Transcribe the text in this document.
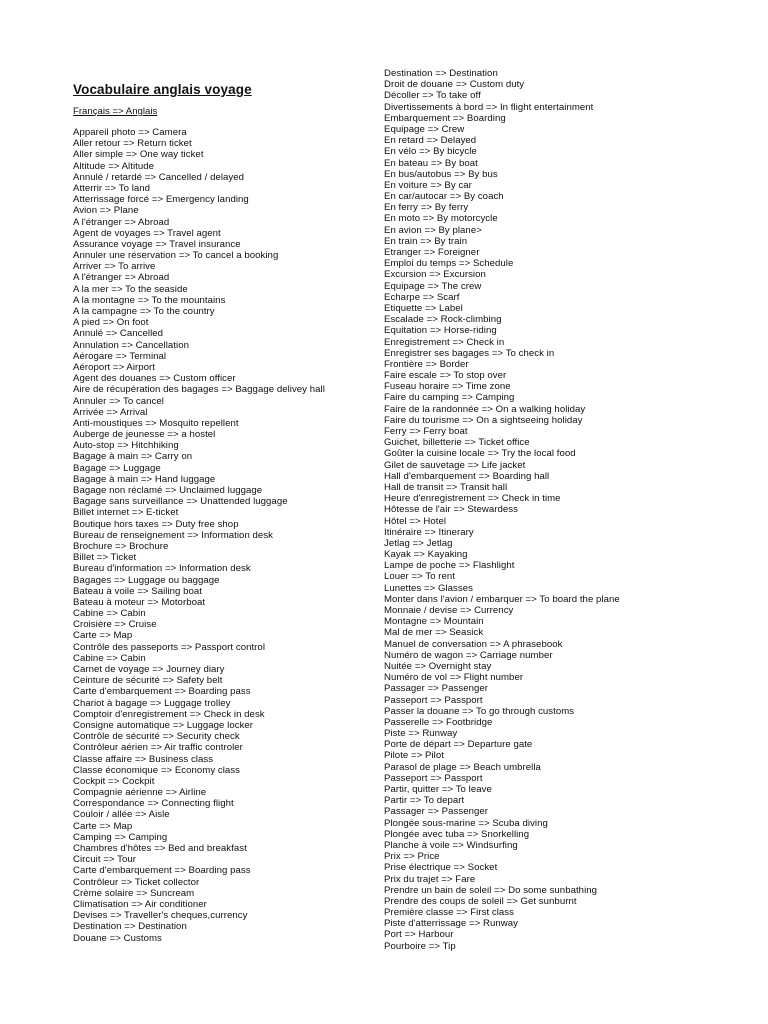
Vocabulaire anglais voyage
Français => Anglais
Appareil photo => Camera
Aller retour => Return ticket
Aller simple => One way ticket
Altitude => Altitude
Annulé / retardé => Cancelled / delayed
Atterrir => To land
Atterrissage forcé => Emergency landing
Avion => Plane
A l'étranger => Abroad
Agent de voyages => Travel agent
Assurance voyage => Travel insurance
Annuler une réservation => To cancel a booking
Arriver => To arrive
A l'étranger => Abroad
A la mer => To the seaside
A la montagne => To the mountains
A la campagne => To the country
A pied => On foot
Annulé => Cancelled
Annulation => Cancellation
Aérogare => Terminal
Aéroport => Airport
Agent des douanes => Custom officer
Aire de récupération des bagages => Baggage delivey hall
Annuler => To cancel
Arrivée => Arrival
Anti-moustiques => Mosquito repellent
Auberge de jeunesse => a hostel
Auto-stop => Hitchhiking
Bagage à main => Carry on
Bagage => Luggage
Bagage à main => Hand luggage
Bagage non réclamé => Unclaimed luggage
Bagage sans surveillance => Unattended luggage
Billet internet => E-ticket
Boutique hors taxes => Duty free shop
Bureau de renseignement => Information desk
Brochure => Brochure
Billet => Ticket
Bureau d'information => Information desk
Bagages => Luggage ou baggage
Bateau à voile => Sailing boat
Bateau à moteur => Motorboat
Cabine => Cabin
Croisière => Cruise
Carte => Map
Contrôle des passeports => Passport control
Cabine => Cabin
Carnet de voyage => Journey diary
Ceinture de sécurité => Safety belt
Carte d'embarquement => Boarding pass
Chariot à bagage => Luggage trolley
Comptoir d'enregistrement => Check in desk
Consigne automatique => Luggage locker
Contrôle de sécurité => Security check
Contrôleur aérien => Air traffic controler
Classe affaire => Business class
Classe économique => Economy class
Cockpit => Cockpit
Compagnie aérienne => Airline
Correspondance => Connecting flight
Couloir / allée => Aisle
Carte => Map
Camping => Camping
Chambres d'hôtes => Bed and breakfast
Circuit => Tour
Carte d'embarquement => Boarding pass
Contrôleur => Ticket collector
Crème solaire => Suncream
Climatisation => Air conditioner
Devises => Traveller's cheques,currency
Destination => Destination
Douane => Customs
Destination => Destination
Droit de douane => Custom duty
Décoller => To take off
Divertissements à bord => In flight entertainment
Embarquement => Boarding
Equipage => Crew
En retard => Delayed
En vélo => By bicycle
En bateau => By boat
En bus/autobus => By bus
En voiture => By car
En car/autocar => By coach
En ferry => By ferry
En moto => By motorcycle
En avion => By plane>
En train => By train
Etranger => Foreigner
Emploi du temps => Schedule
Excursion => Excursion
Equipage => The crew
Echarpe => Scarf
Etiquette => Label
Escalade => Rock-climbing
Equitation => Horse-riding
Enregistrement => Check in
Enregistrer ses bagages => To check in
Frontière => Border
Faire escale => To stop over
Fuseau horaire => Time zone
Faire du camping => Camping
Faire de la randonnée => On a walking holiday
Faire du tourisme => On a sightseeing holiday
Ferry => Ferry boat
Guichet, billetterie => Ticket office
Goûter la cuisine locale => Try the local food
Gilet de sauvetage => Life jacket
Hall d'embarquement => Boarding hall
Hall de transit => Transit hall
Heure d'enregistrement => Check in time
Hôtesse de l'air => Stewardess
Hôtel => Hotel
Itinéraire => Itinerary
Jetlag => Jetlag
Kayak => Kayaking
Lampe de poche => Flashlight
Louer => To rent
Lunettes => Glasses
Monter dans l'avion / embarquer => To board the plane
Monnaie / devise => Currency
Montagne => Mountain
Mal de mer => Seasick
Manuel de conversation => A phrasebook
Numéro de wagon => Carriage number
Nuitée => Overnight stay
Numéro de vol => Flight number
Passager => Passenger
Passeport => Passport
Passer la douane => To go through customs
Passerelle => Footbridge
Piste => Runway
Porte de départ => Departure gate
Pilote => Pilot
Parasol de plage => Beach umbrella
Passeport => Passport
Partir, quitter => To leave
Partir => To depart
Passager => Passenger
Plongée sous-marine => Scuba diving
Plongée avec tuba => Snorkelling
Planche à voile => Windsurfing
Prix => Price
Prise électrique => Socket
Prix du trajet => Fare
Prendre un bain de soleil => Do some sunbathing
Prendre des coups de soleil => Get sunburnt
Première classe => First class
Piste d'atterrissage => Runway
Port => Harbour
Pourboire => Tip
